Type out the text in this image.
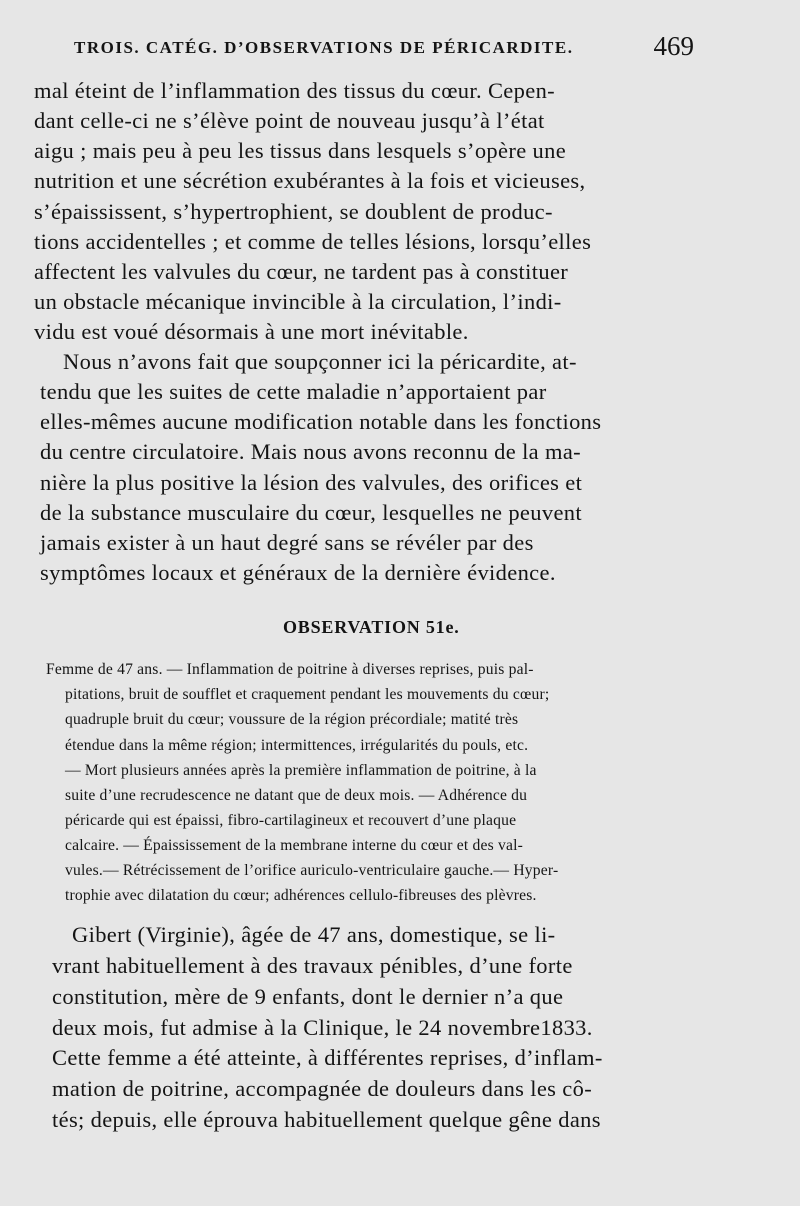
TROIS. CATÉG. D’OBSERVATIONS DE PÉRICARDITE.	469
mal éteint de l’inflammation des tissus du cœur. Cepen-
dant celle-ci ne s’élève point de nouveau jusqu’à l’état
aigu ; mais peu à peu les tissus dans lesquels s’opère une
nutrition et une sécrétion exubérantes à la fois et vicieuses,
s’épaississent, s’hypertrophient, se doublent de produc-
tions accidentelles ; et comme de telles lésions, lorsqu’elles
affectent les valvules du cœur, ne tardent pas à constituer
un obstacle mécanique invincible à la circulation, l’indi-
vidu est voué désormais à une mort inévitable.
Nous n’avons fait que soupçonner ici la péricardite, at-
tendu que les suites de cette maladie n’apportaient par
elles-mêmes aucune modification notable dans les fonctions
du centre circulatoire. Mais nous avons reconnu de la ma-
nière la plus positive la lésion des valvules, des orifices et
de la substance musculaire du cœur, lesquelles ne peuvent
jamais exister à un haut degré sans se révéler par des
symptômes locaux et généraux de la dernière évidence.
OBSERVATION 51e.
Femme de 47 ans. — Inflammation de poitrine à diverses reprises, puis pal-
pitations, bruit de soufflet et craquement pendant les mouvements du cœur;
quadruple bruit du cœur; voussure de la région précordiale; matité très
étendue dans la même région; intermittences, irrégularités du pouls, etc.
— Mort plusieurs années après la première inflammation de poitrine, à la
suite d’une recrudescence ne datant que de deux mois. — Adhérence du
péricarde qui est épaissi, fibro-cartilagineux et recouvert d’une plaque
calcaire. — Épaississement de la membrane interne du cœur et des val-
vules.— Rétrécissement de l’orifice auriculo-ventriculaire gauche.— Hyper-
trophie avec dilatation du cœur; adhérences cellulo-fibreuses des plèvres.
Gibert (Virginie), âgée de 47 ans, domestique, se li-
vrant habituellement à des travaux pénibles, d’une forte
constitution, mère de 9 enfants, dont le dernier n’a que
deux mois, fut admise à la Clinique, le 24 novembre1833.
Cette femme a été atteinte, à différentes reprises, d’inflam-
mation de poitrine, accompagnée de douleurs dans les cô-
tés; depuis, elle éprouva habituellement quelque gêne dans
